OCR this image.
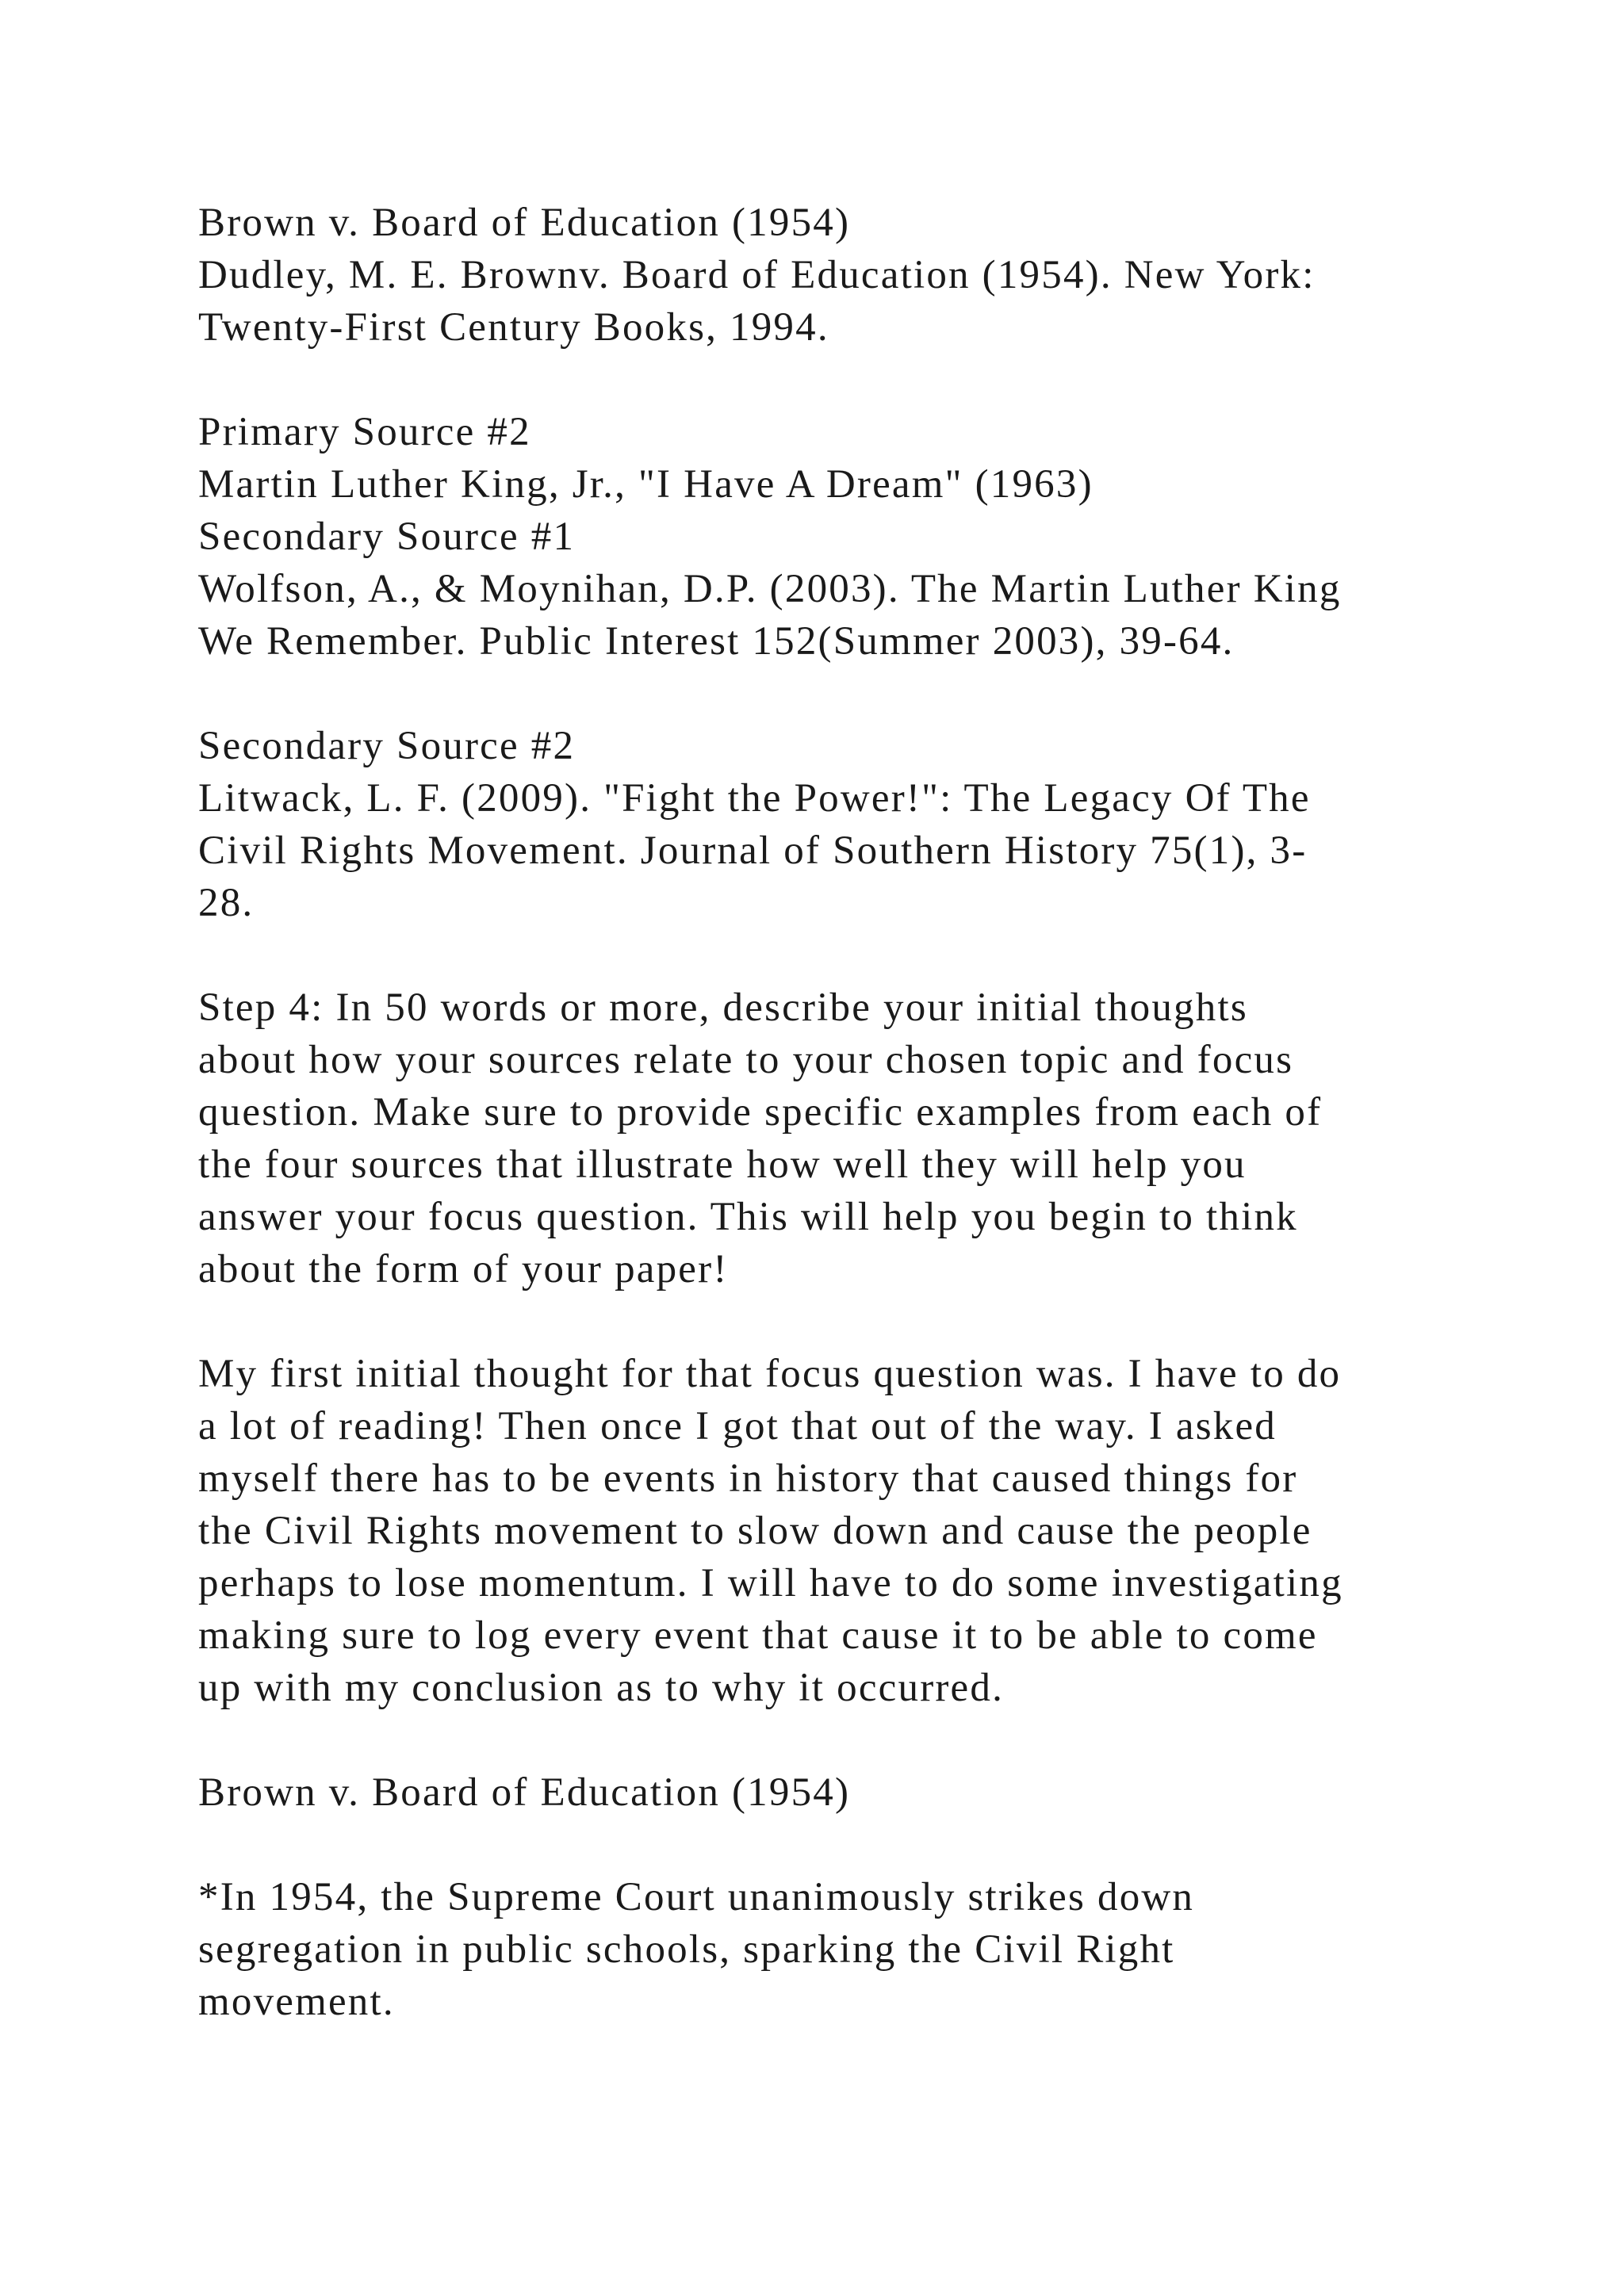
Brown v. Board of Education (1954)
Dudley, M. E. Brownv. Board of Education (1954). New York:
Twenty-First Century Books, 1994.
Primary Source #2
Martin Luther King, Jr., "I Have A Dream" (1963)
Secondary Source #1
Wolfson, A., & Moynihan, D.P. (2003). The Martin Luther King
We Remember. Public Interest 152(Summer 2003), 39-64.
Secondary Source #2
Litwack, L. F. (2009). "Fight the Power!": The Legacy Of The
Civil Rights Movement. Journal of Southern History 75(1), 3-
28.
Step 4: In 50 words or more, describe your initial thoughts
about how your sources relate to your chosen topic and focus
question. Make sure to provide specific examples from each of
the four sources that illustrate how well they will help you
answer your focus question. This will help you begin to think
about the form of your paper!
My first initial thought for that focus question was. I have to do
a lot of reading! Then once I got that out of the way. I asked
myself there has to be events in history that caused things for
the Civil Rights movement to slow down and cause the people
perhaps to lose momentum. I will have to do some investigating
making sure to log every event that cause it to be able to come
up with my conclusion as to why it occurred.
Brown v. Board of Education (1954)
*In 1954, the Supreme Court unanimously strikes down
segregation in public schools, sparking the Civil Right
movement.
